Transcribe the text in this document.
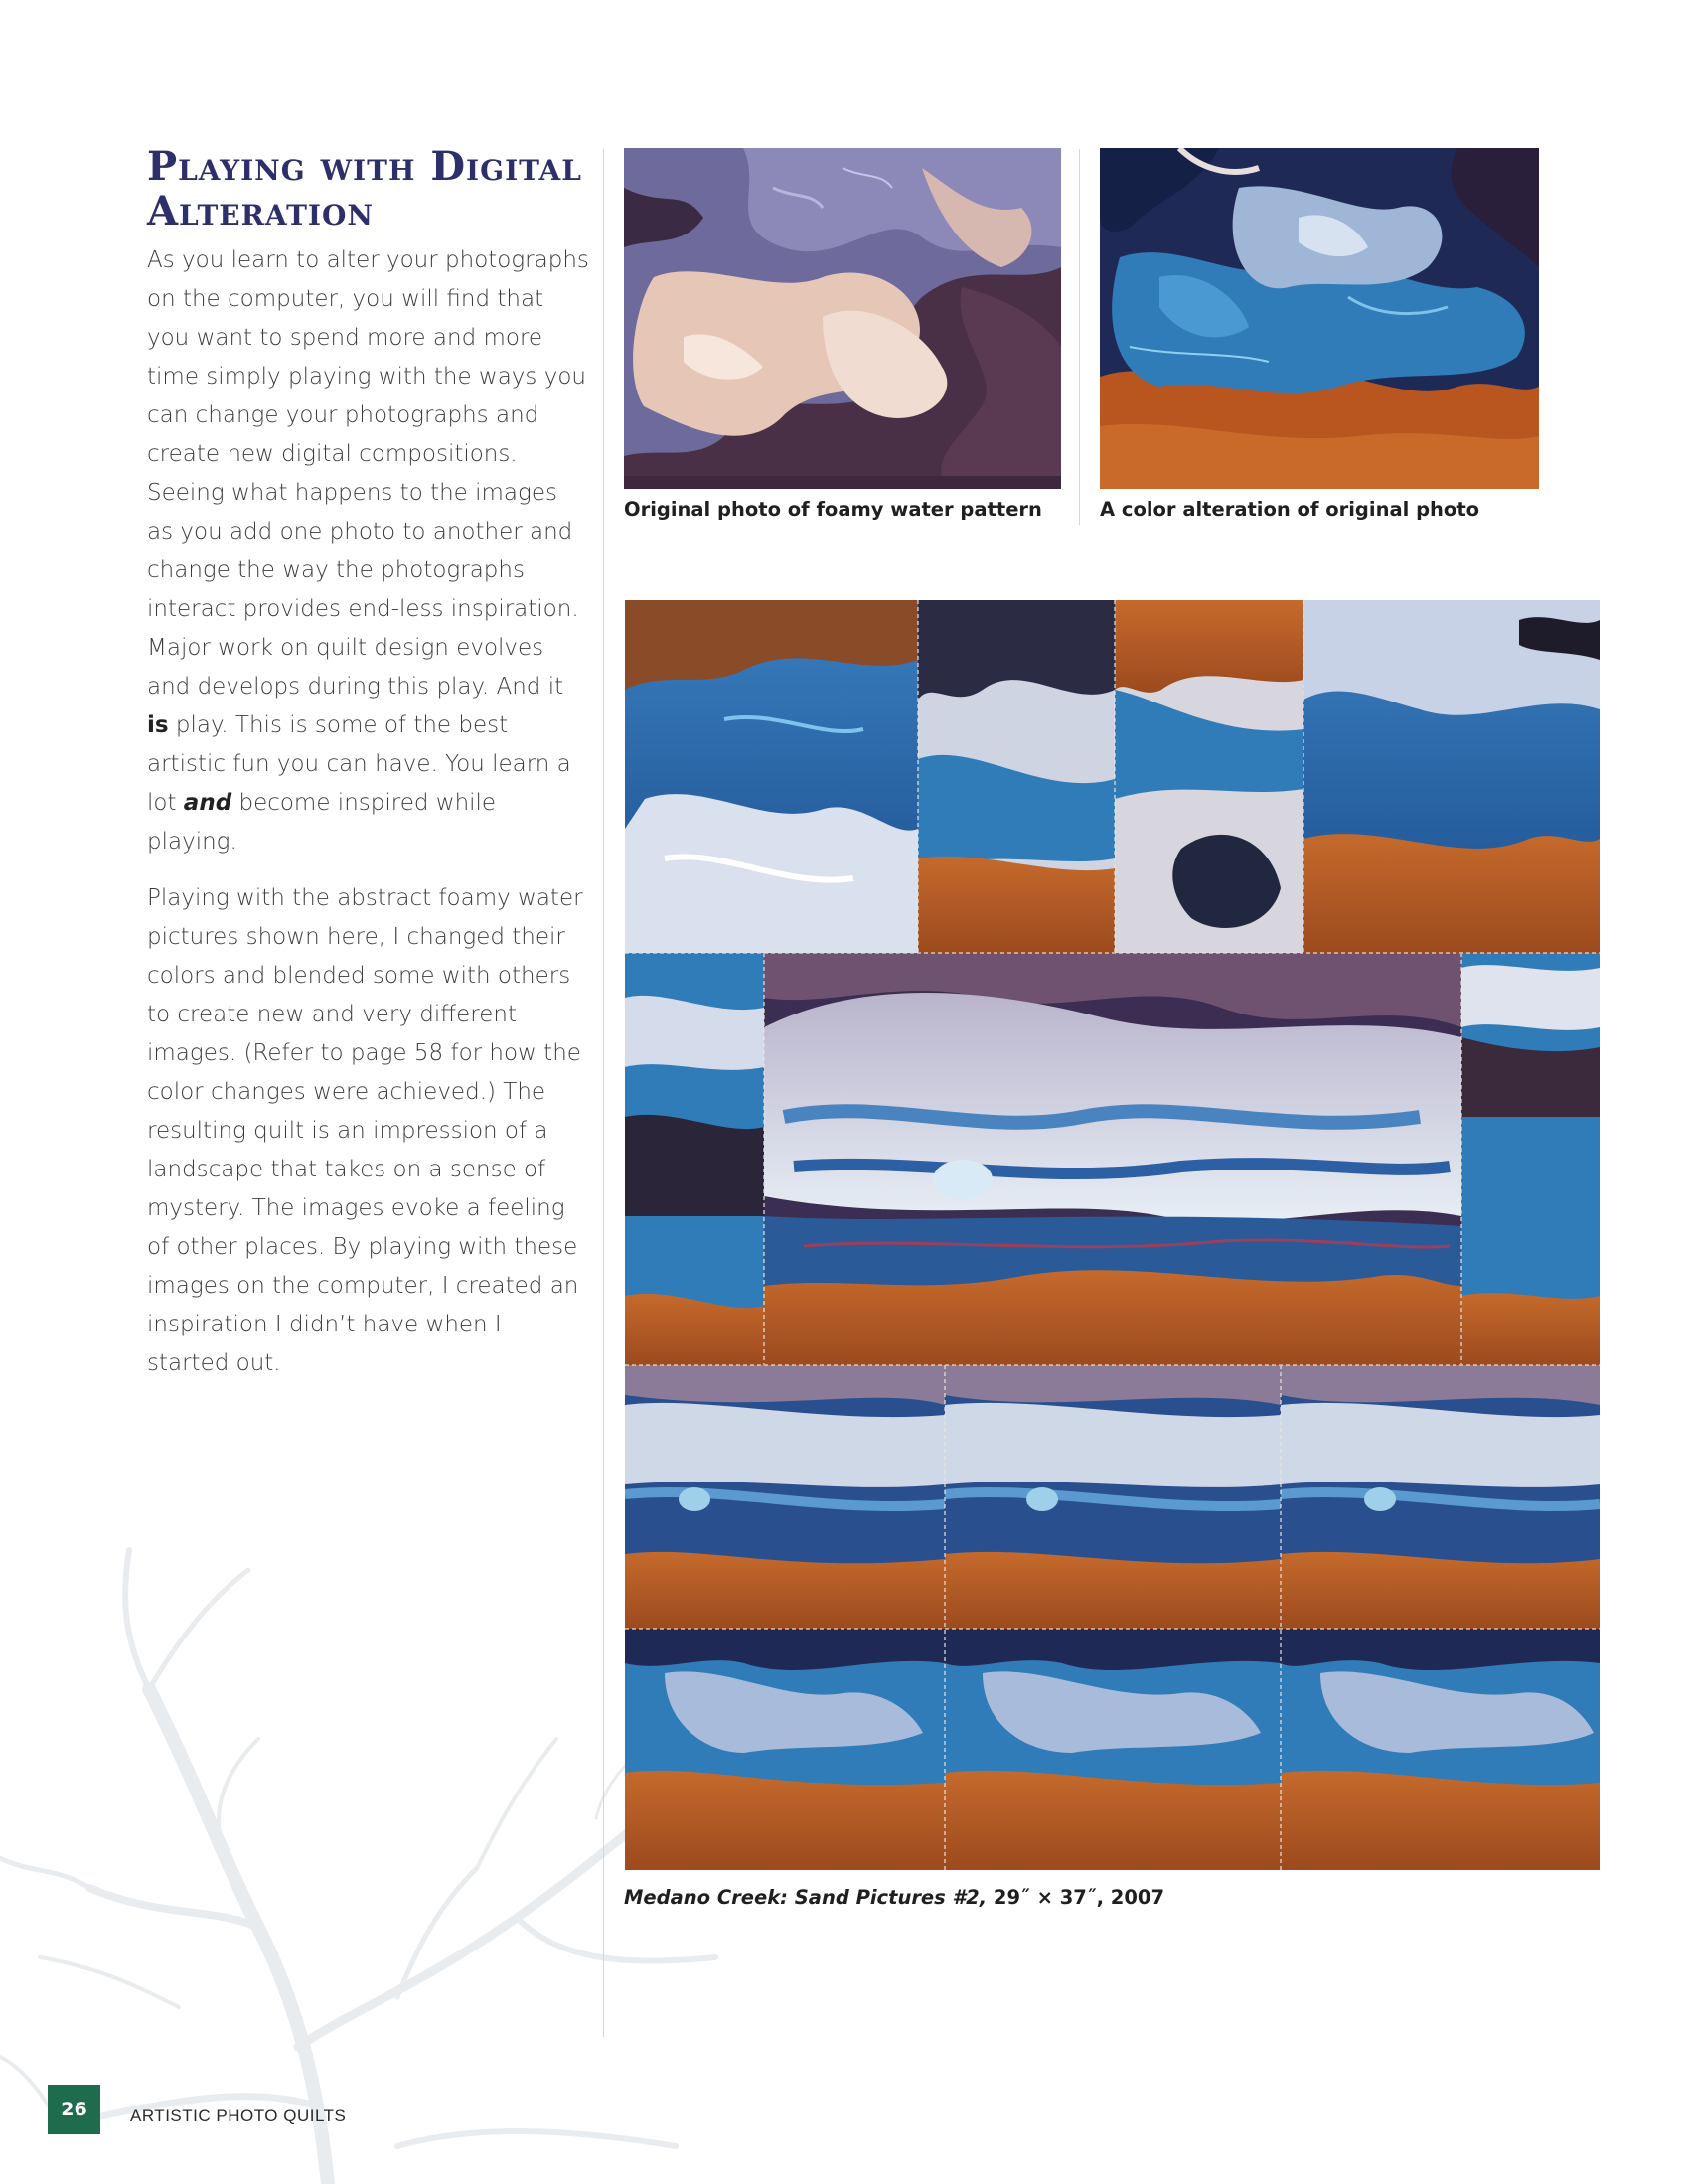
Playing with Digital Alteration

As you learn to alter your photographs on the computer, you will find that you want to spend more and more time simply playing with the ways you can change your photographs and create new digital compositions. Seeing what happens to the images as you add one photo to another and change the way the photographs interact provides end-less inspiration. Major work on quilt design evolves and develops during this play. And it is play. This is some of the best artistic fun you can have. You learn a lot and become inspired while playing.

Playing with the abstract foamy water pictures shown here, I changed their colors and blended some with others to create new and very different images. (Refer to page 58 for how the color changes were achieved.) The resulting quilt is an impression of a landscape that takes on a sense of mystery. The images evoke a feeling of other places. By playing with these images on the computer, I created an inspiration I didn’t have when I started out.

Original photo of foamy water pattern	A color alteration of original photo
Medano Creek: Sand Pictures #2, 29˝ × 37˝, 2007
26	ARTISTIC PHOTO QUILTS
